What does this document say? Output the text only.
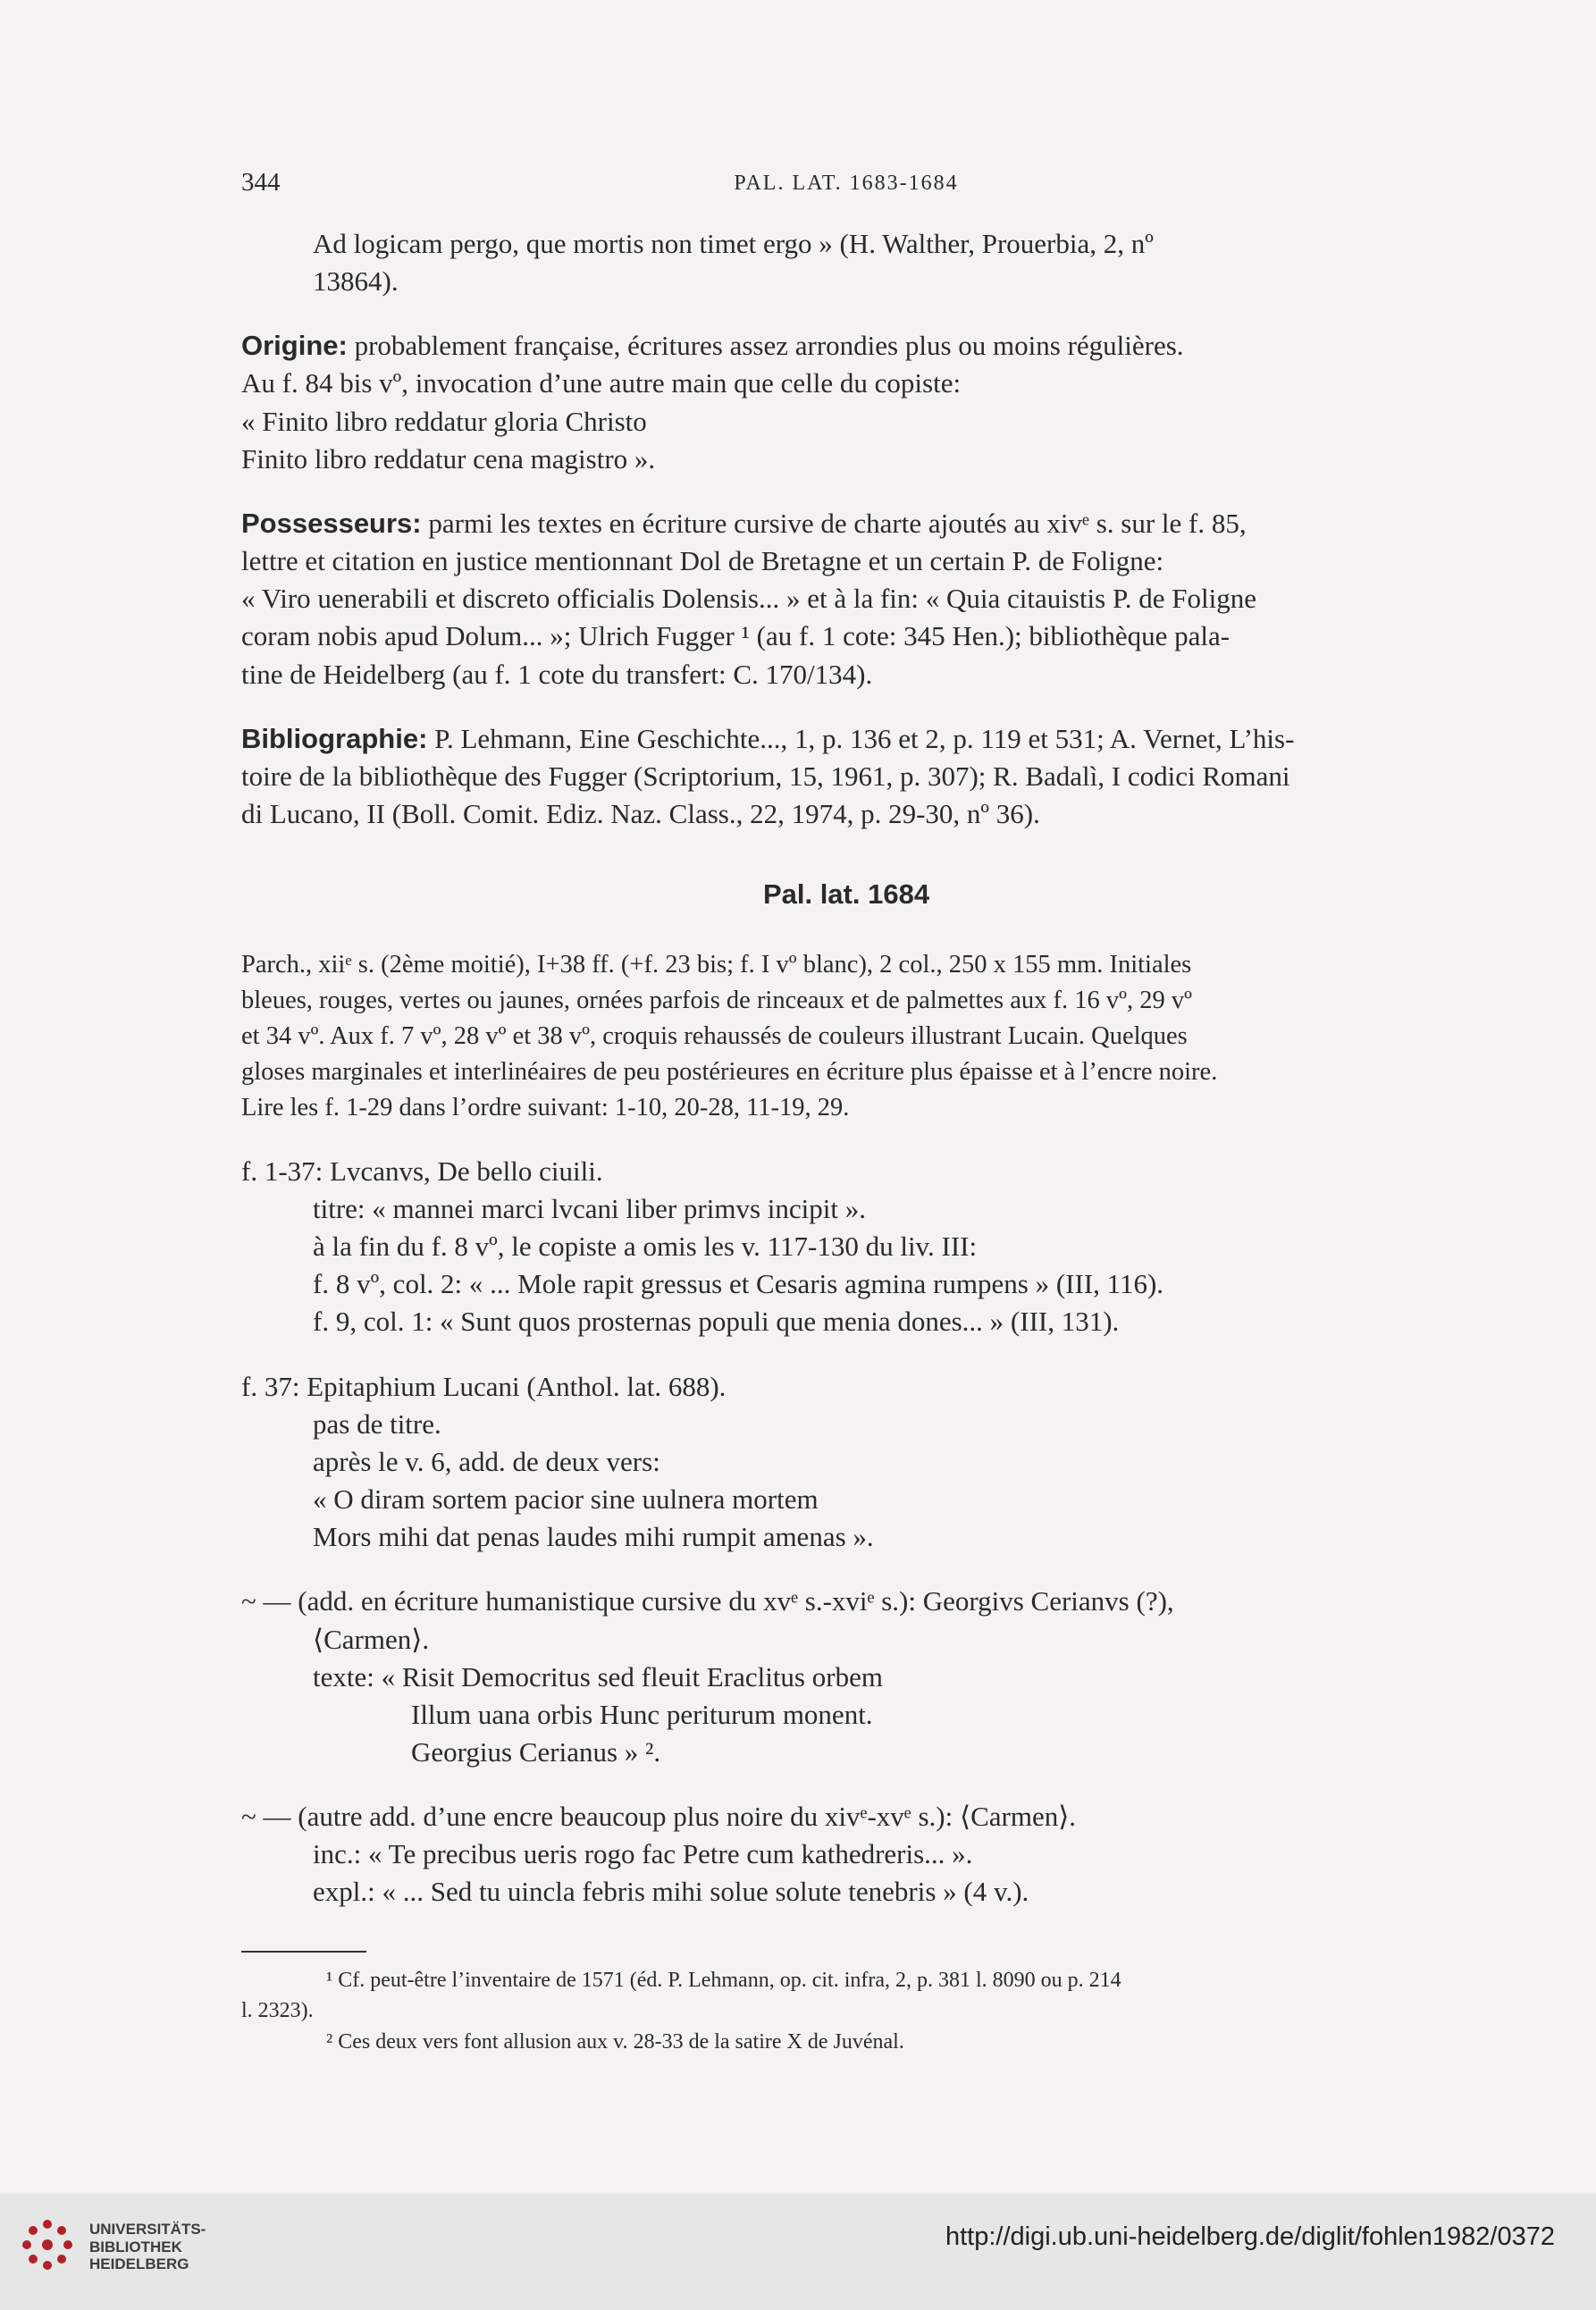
344	PAL. LAT. 1683-1684

Ad logicam pergo, que mortis non timet ergo » (H. Walther, Prouerbia, 2, nº

13864).

Origine: probablement française, écritures assez arrondies plus ou moins régulières.

Au f. 84 bis vº, invocation d’une autre main que celle du copiste:

« Finito libro reddatur gloria Christo

Finito libro reddatur cena magistro ».

Possesseurs: parmi les textes en écriture cursive de charte ajoutés au xivᵉ s. sur le f. 85,

lettre et citation en justice mentionnant Dol de Bretagne et un certain P. de Foligne:

« Viro uenerabili et discreto officialis Dolensis... » et à la fin: « Quia citauistis P. de Foligne

coram nobis apud Dolum... »; Ulrich Fugger ¹ (au f. 1 cote: 345 Hen.); bibliothèque pala-

tine de Heidelberg (au f. 1 cote du transfert: C. 170/134).

Bibliographie: P. Lehmann, Eine Geschichte..., 1, p. 136 et 2, p. 119 et 531; A. Vernet, L’his-

toire de la bibliothèque des Fugger (Scriptorium, 15, 1961, p. 307); R. Badalì, I codici Romani

di Lucano, II (Boll. Comit. Ediz. Naz. Class., 22, 1974, p. 29-30, nº 36).

Pal. lat. 1684

Parch., xiiᵉ s. (2ème moitié), I+38 ff. (+f. 23 bis; f. I vº blanc), 2 col., 250 x 155 mm. Initiales

bleues, rouges, vertes ou jaunes, ornées parfois de rinceaux et de palmettes aux f. 16 vº, 29 vº

et 34 vº. Aux f. 7 vº, 28 vº et 38 vº, croquis rehaussés de couleurs illustrant Lucain. Quelques

gloses marginales et interlinéaires de peu postérieures en écriture plus épaisse et à l’encre noire.

Lire les f. 1-29 dans l’ordre suivant: 1-10, 20-28, 11-19, 29.

f. 1-37: Lvcanvs, De bello ciuili.

titre: « mannei marci lvcani liber primvs incipit ».

à la fin du f. 8 vº, le copiste a omis les v. 117-130 du liv. III:

f. 8 vº, col. 2: « ... Mole rapit gressus et Cesaris agmina rumpens » (III, 116).

f. 9, col. 1: « Sunt quos prosternas populi que menia dones... » (III, 131).

f. 37: Epitaphium Lucani (Anthol. lat. 688).

pas de titre.

après le v. 6, add. de deux vers:

« O diram sortem pacior sine uulnera mortem

Mors mihi dat penas laudes mihi rumpit amenas ».

~ — (add. en écriture humanistique cursive du xvᵉ s.-xviᵉ s.): Georgivs Cerianvs (?),

⟨Carmen⟩.

texte: « Risit Democritus sed fleuit Eraclitus orbem

Illum uana orbis Hunc periturum monent.

Georgius Cerianus » ².

~ — (autre add. d’une encre beaucoup plus noire du xivᵉ-xvᵉ s.): ⟨Carmen⟩.

inc.: « Te precibus ueris rogo fac Petre cum kathedreris... ».

expl.: « ... Sed tu uincla febris mihi solue solute tenebris » (4 v.).

¹ Cf. peut-être l’inventaire de 1571 (éd. P. Lehmann, op. cit. infra, 2, p. 381 l. 8090 ou p. 214

l. 2323).

² Ces deux vers font allusion aux v. 28-33 de la satire X de Juvénal.

UNIVERSITÄTS-
BIBLIOTHEK
HEIDELBERG
http://digi.ub.uni-heidelberg.de/diglit/fohlen1982/0372
